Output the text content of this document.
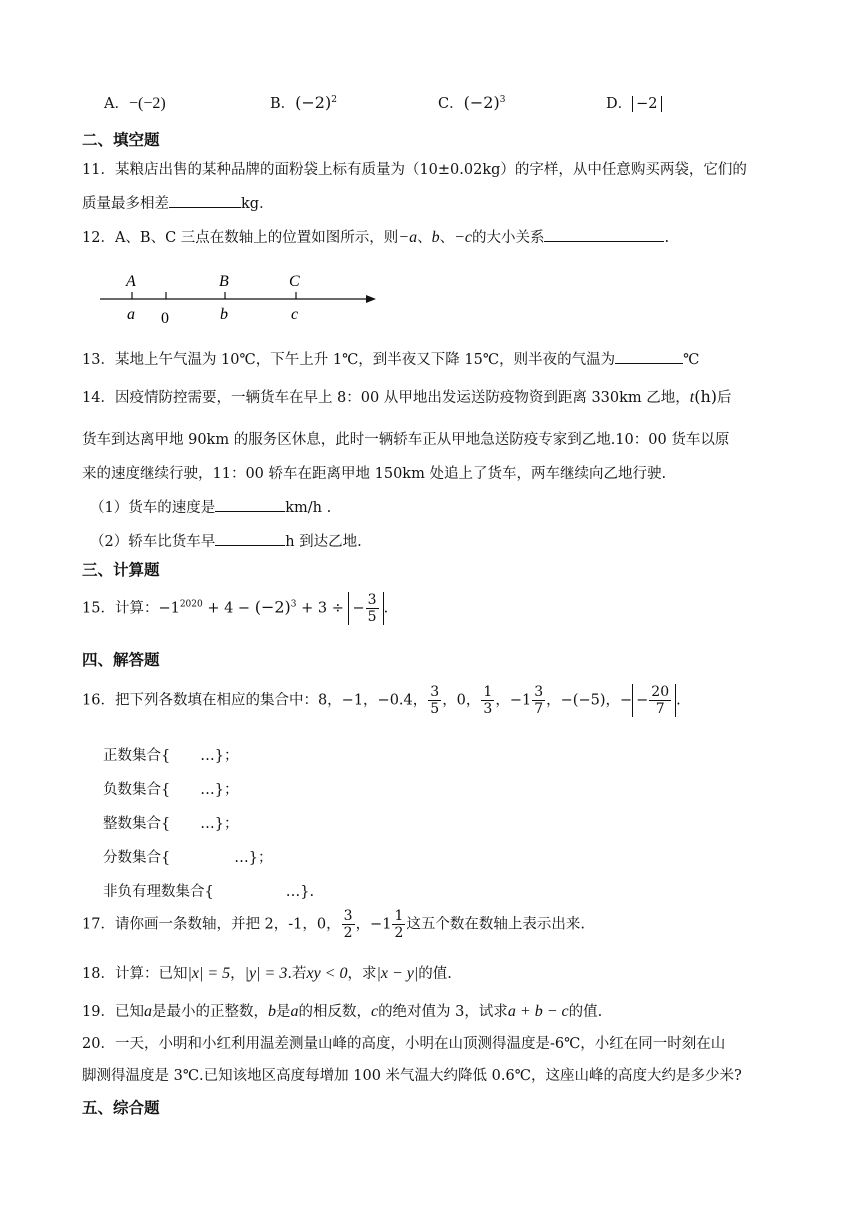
A．−(−2)	B．$(-2)^2$	C．$(-2)^3$	D． −2
二、填空题
11．某粮店出售的某种品牌的面粉袋上标有质量为（10±0.02kg）的字样，从中任意购买两袋，它们的
质量最多相差	kg．
12．A、B、C 三点在数轴上的位置如图所示，则−a、b、−c的大小关系	.
A	B	C
a 0	b	c
13．某地上午气温为 10℃，下午上升 1℃，到半夜又下降 15℃，则半夜的气温为	℃
14．因疫情防控需要，一辆货车在早上 8：00 从甲地出发运送防疫物资到距离 330km 乙地，t(h)后
货车到达离甲地 90km 的服务区休息，此时一辆轿车正从甲地急送防疫专家到乙地.10：00 货车以原
来的速度继续行驶，11：00 轿车在距离甲地 150km 处追上了货车，两车继续向乙地行驶.
（1）货车的速度是	km/h .
（2）轿车比货车早	h 到达乙地.
三、计算题
15．计算：$-1^{2020} + 4 - (-2)^3 + 3$ ÷ − $\frac{3}{5}$ .
四、解答题
16．把下列各数填在相应的集合中：8，−1，−0.4， $\frac{3}{5}$ ，0， $\frac{1}{3}$ ，$-1 \frac{3}{7}$ ，−(−5)，− − $\frac{20}{7}$ .
正数集合{ …}；
负数集合{ …}；
整数集合{ …}；
分数集合{	…}；
非负有理数集合{	…}.
17．请你画一条数轴，并把 2，-1，0， $\frac{3}{2}$ ，$-1 \frac{1}{2}$ 这五个数在数轴上表示出来.
18．计算：已知|x| = 5，|y| = 3.若xy < 0，求|x − y|的值.
19．已知a是最小的正整数，b是a的相反数，c的绝对值为 3，试求a + b − c的值.
20．一天，小明和小红利用温差测量山峰的高度，小明在山顶测得温度是-6℃，小红在同一时刻在山
脚测得温度是 3℃.已知该地区高度每增加 100 米气温大约降低 0.6℃，这座山峰的高度大约是多少米?
五、综合题
